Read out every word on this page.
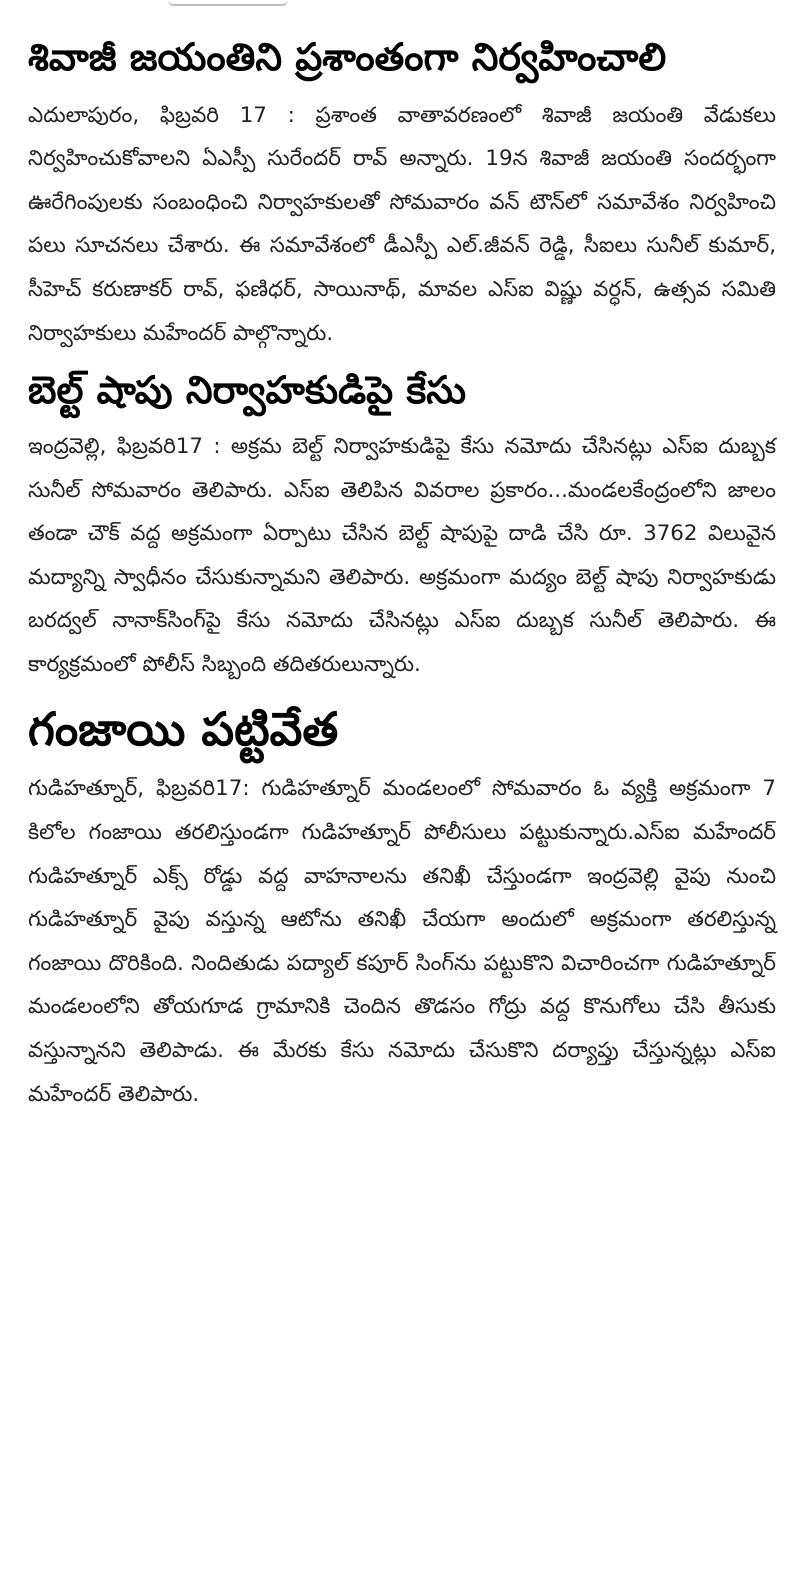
శివాజీ జయంతిని ప్రశాంతంగా నిర్వహించాలి

ఎదులాపురం, ఫిబ్రవరి 17 : ప్రశాంత వాతావరణంలో శివాజీ జయంతి వేడుకలు నిర్వహించుకోవాలని ఏఎస్పీ సురేందర్ రావ్ అన్నారు. 19న శివాజీ జయంతి సందర్భంగా ఊరేగింపులకు సంబంధించి నిర్వాహకులతో సోమవారం వన్ టౌన్‌లో సమావేశం నిర్వహించి పలు సూచనలు చేశారు. ఈ సమావేశంలో డీఎస్పీ ఎల్.జీవన్ రెడ్డి, సీఐలు సునీల్ కుమార్, సీహెచ్ కరుణాకర్ రావ్, ఫణిధర్, సాయినాథ్, మావల ఎస్ఐ విష్ణు వర్ధన్, ఉత్సవ సమితి నిర్వాహకులు మహేందర్ పాల్గొన్నారు.

బెల్ట్ షాపు నిర్వాహకుడిపై కేసు

ఇంద్రవెల్లి, ఫిబ్రవరి17 : అక్రమ బెల్ట్ నిర్వాహకుడిపై కేసు నమోదు చేసినట్లు ఎస్ఐ దుబ్బక సునీల్ సోమవారం తెలిపారు. ఎస్ఐ తెలిపిన వివరాల ప్రకారం...మండలకేంద్రంలోని జాలం తండా చౌక్ వద్ద అక్రమంగా ఏర్పాటు చేసిన బెల్ట్ షాపుపై దాడి చేసి రూ. 3762 విలువైన మద్యాన్ని స్వాధీనం చేసుకున్నామని తెలిపారు. అక్రమంగా మద్యం బెల్ట్ షాపు నిర్వాహకుడు బరద్వల్ నానాక్‌సింగ్‌పై కేసు నమోదు చేసినట్లు ఎస్ఐ దుబ్బక సునీల్ తెలిపారు. ఈ కార్యక్రమంలో పోలీస్ సిబ్బంది తదితరులున్నారు.

గంజాయి పట్టివేత

గుడిహత్నూర్, ఫిబ్రవరి17: గుడిహత్నూర్ మండలంలో సోమవారం ఓ వ్యక్తి అక్రమంగా 7 కిలోల గంజాయి తరలిస్తుండగా గుడిహత్నూర్ పోలీసులు పట్టుకున్నారు.ఎస్ఐ మహేందర్ గుడిహత్నూర్ ఎక్స్ రోడ్డు వద్ద వాహనాలను తనిఖీ చేస్తుండగా ఇంద్రవెల్లి వైపు నుంచి గుడిహత్నూర్ వైపు వస్తున్న ఆటోను తనిఖీ చేయగా అందులో అక్రమంగా తరలిస్తున్న గంజాయి దొరికింది. నిందితుడు పద్యాల్ కపూర్ సింగ్‌ను పట్టుకొని విచారించగా గుడిహత్నూర్ మండలంలోని తోయగూడ గ్రామానికి చెందిన తొడసం గోద్రు వద్ద కొనుగోలు చేసి తీసుకు వస్తున్నానని తెలిపాడు. ఈ మేరకు కేసు నమోదు చేసుకొని దర్యాప్తు చేస్తున్నట్లు ఎస్ఐ మహేందర్ తెలిపారు.
